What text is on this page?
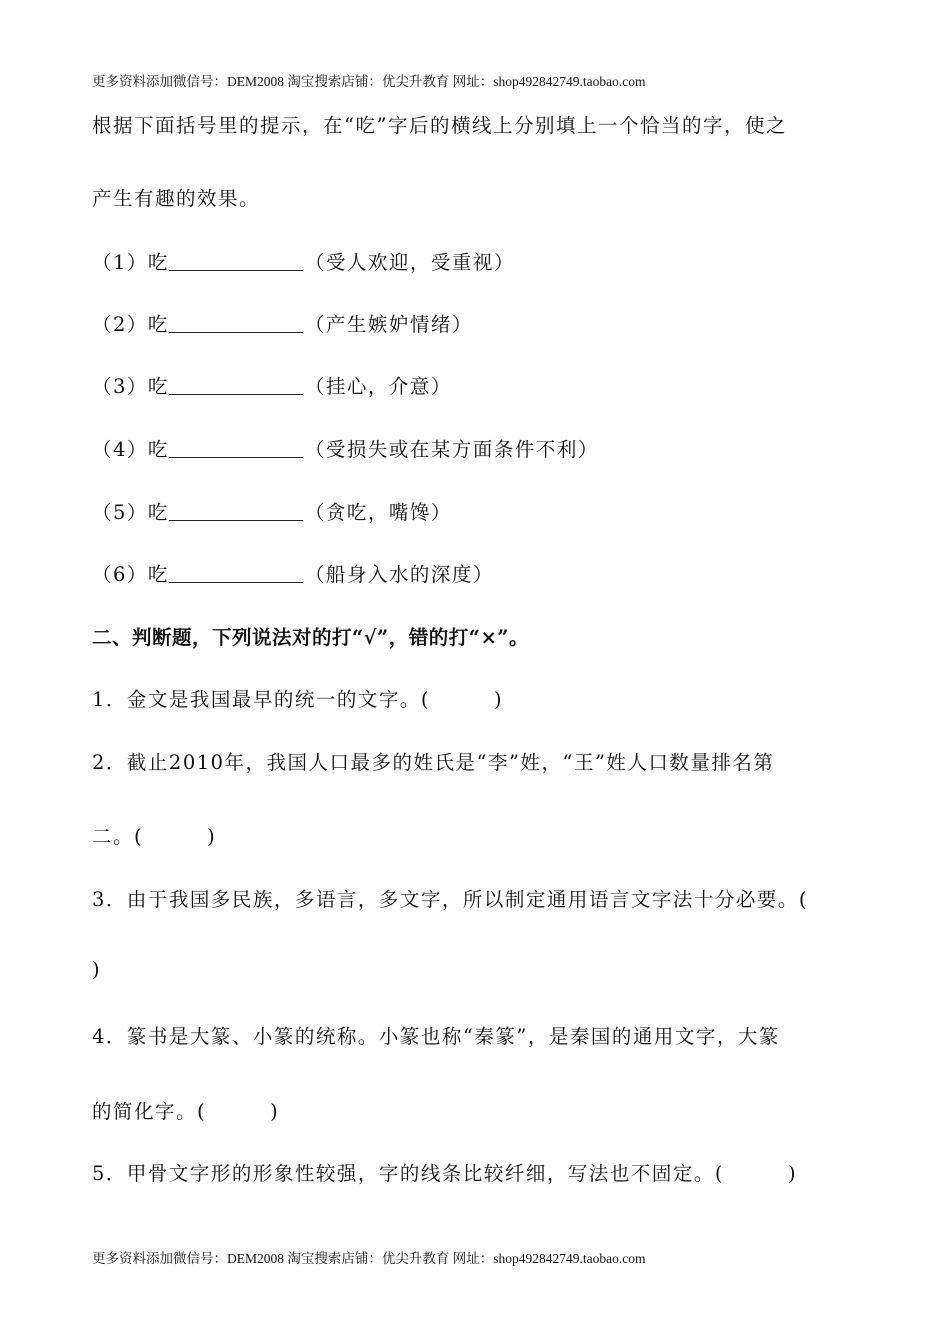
更多资料添加微信号：DEM2008 淘宝搜索店铺：优尖升教育 网址：shop492842749.taobao.com
根据下面括号里的提示，在“吃”字后的横线上分别填上一个恰当的字，使之
产生有趣的效果。
（1）吃	（受人欢迎，受重视）
（2）吃	（产生嫉妒情绪）
（3）吃	（挂心，介意）
（4）吃	（受损失或在某方面条件不利）
（5）吃	（贪吃，嘴馋）
（6）吃	（船身入水的深度）
二、判断题，下列说法对的打“√”，错的打“×”。
1．金文是我国最早的统一的文字。(	)
2．截止2010年，我国人口最多的姓氏是“李”姓，“王”姓人口数量排名第
二。(	)
3．由于我国多民族，多语言，多文字，所以制定通用语言文字法十分必要。(
)
4．篆书是大篆、小篆的统称。小篆也称“秦篆”，是秦国的通用文字，大篆
的简化字。(	)
5．甲骨文字形的形象性较强，字的线条比较纤细，写法也不固定。(	)
更多资料添加微信号：DEM2008 淘宝搜索店铺：优尖升教育 网址：shop492842749.taobao.com
